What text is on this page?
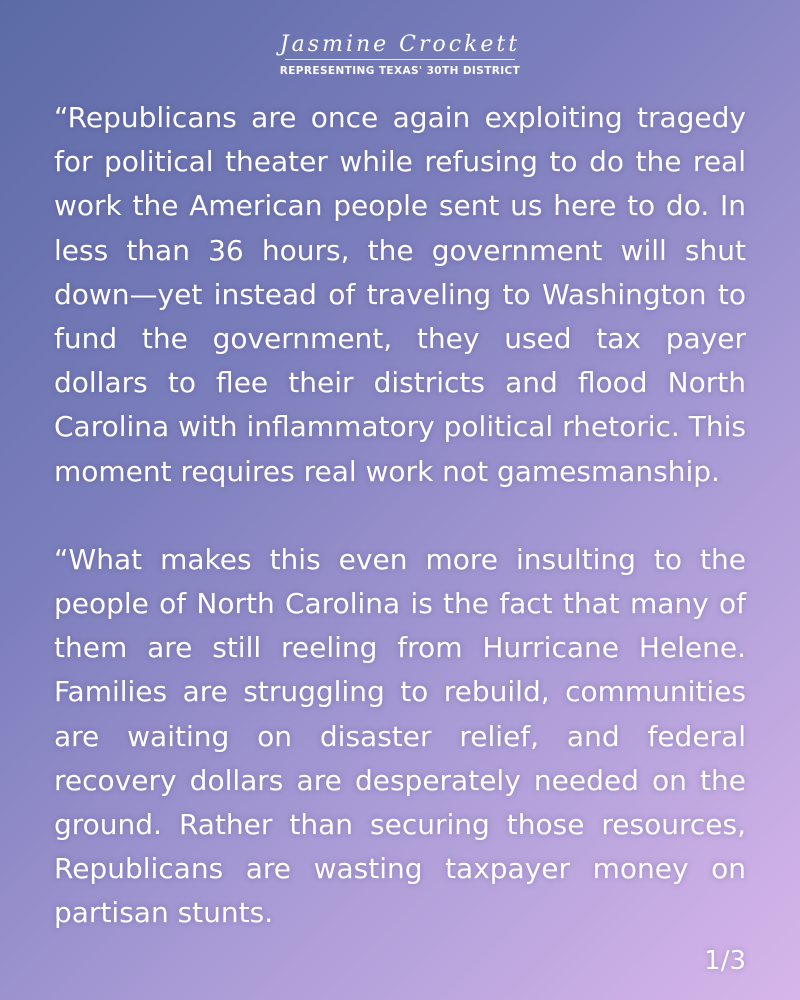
Jasmine Crockett
REPRESENTING TEXAS' 30TH DISTRICT

“Republicans are once again exploiting tragedy for political theater while refusing to do the real work the American people sent us here to do. In less than 36 hours, the government will shut down—yet instead of traveling to Washington to fund the government, they used tax payer dollars to flee their districts and flood North Carolina with inflammatory political rhetoric. This moment requires real work not gamesmanship.

“What makes this even more insulting to the people of North Carolina is the fact that many of them are still reeling from Hurricane Helene. Families are struggling to rebuild, communities are waiting on disaster relief, and federal recovery dollars are desperately needed on the ground. Rather than securing those resources, Republicans are wasting taxpayer money on partisan stunts.

1/3
